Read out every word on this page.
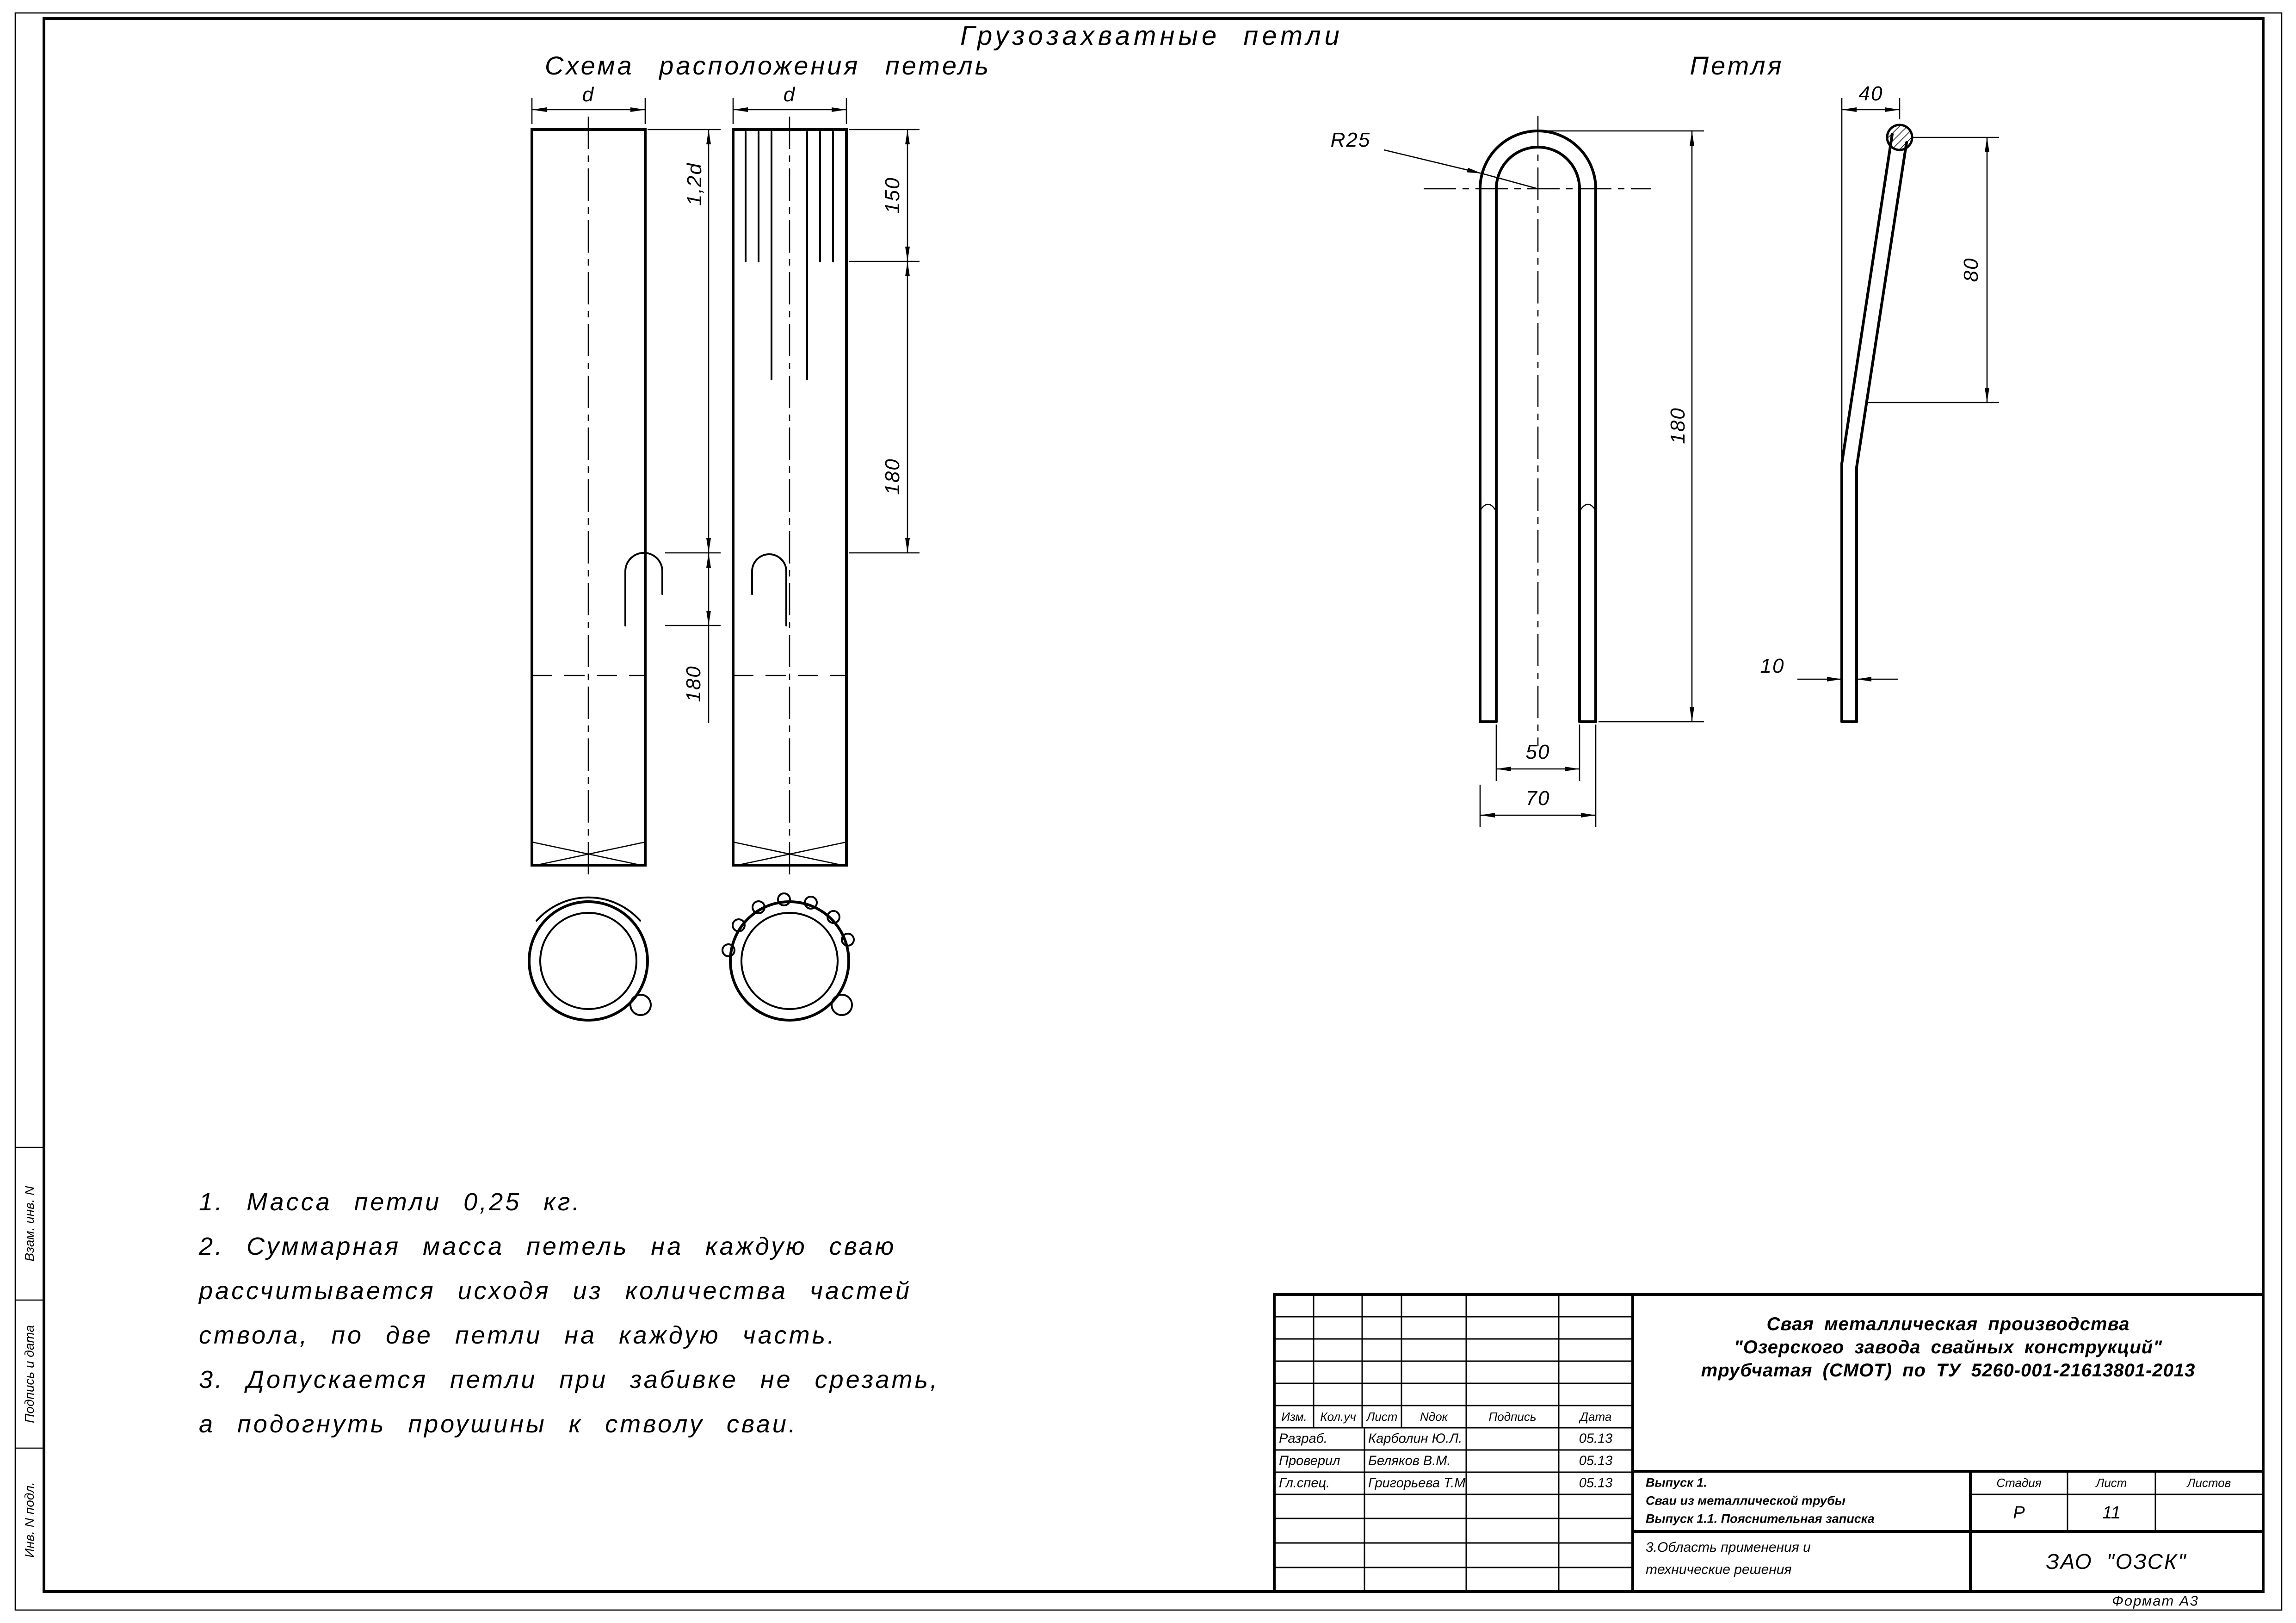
Грузозахватные петли
Схема расположения петель	Петля
d	d
1,2d
180
150
180
R25
180
50
70
40
80
10
1. Масса петли 0,25 кг.
2. Суммарная масса петель на каждую сваю
рассчитывается исходя из количества частей
ствола, по две петли на каждую часть.
3. Допускается петли при забивке не срезать,
а подогнуть проушины к стволу сваи.
Взам. инв. N
Подпись и дата
Инв. N подл.
Изм. Кол.уч Лист Nдок	Подпись	Дата
Разраб.	Карболин Ю.Л.	05.13
Проверил Беляков В.М.	05.13
Гл.спец.	Григорьева Т.М	05.13
Свая металлическая производства
"Озерского завода свайных конструкций"
трубчатая (СМОТ) по ТУ 5260-001-21613801-2013
Выпуск 1.
Сваи из металлической трубы
Выпуск 1.1. Пояснительная записка
Стадия	Лист	Листов
Р	11
3.Область применения и
технические решения	ЗАО "ОЗСК"
Формат А3
